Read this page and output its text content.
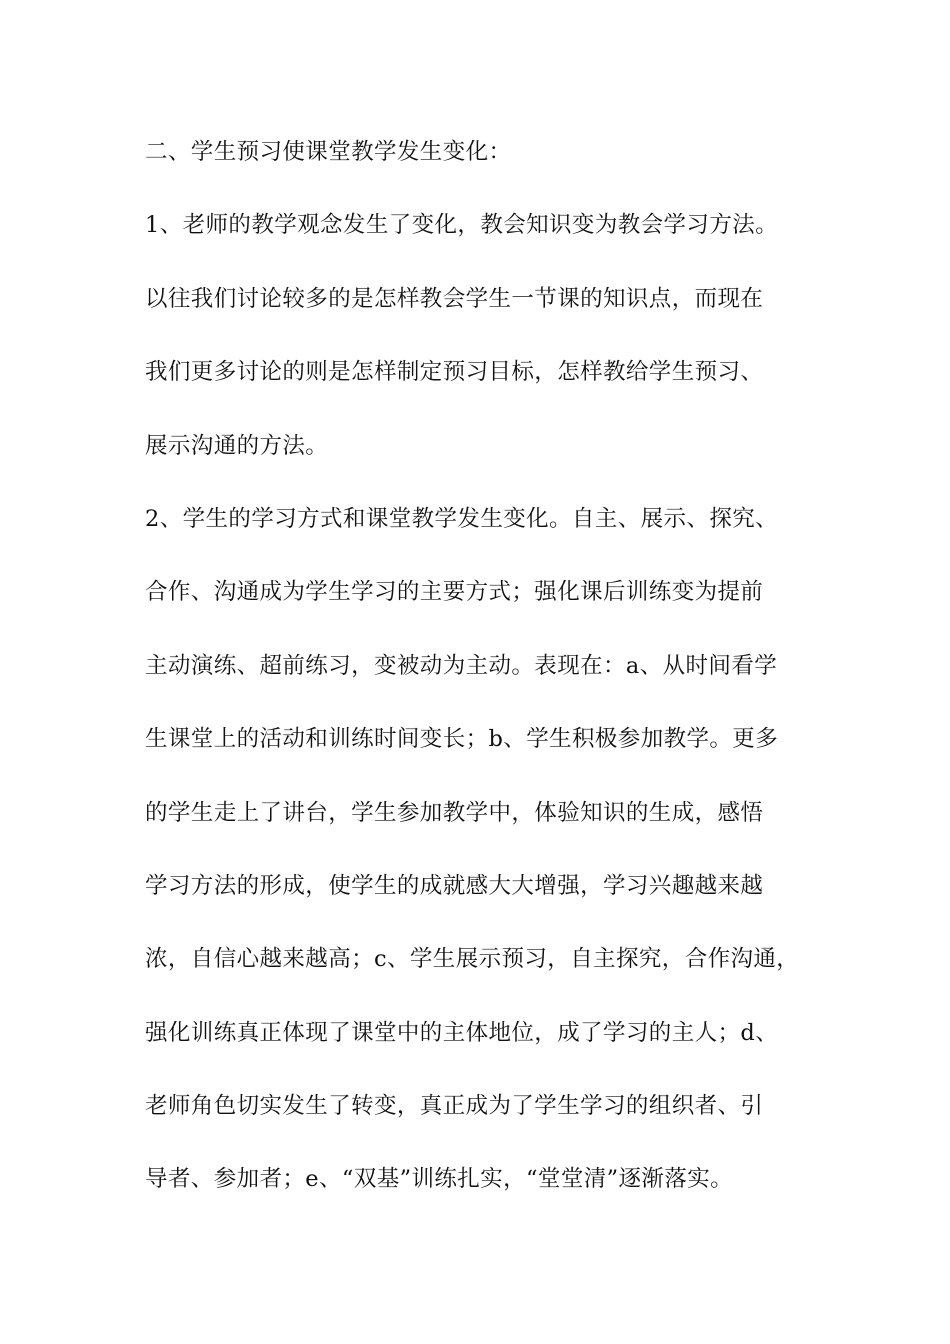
二、学生预习使课堂教学发生变化：
1、老师的教学观念发生了变化，教会知识变为教会学习方法。
以往我们讨论较多的是怎样教会学生一节课的知识点，而现在
我们更多讨论的则是怎样制定预习目标，怎样教给学生预习、
展示沟通的方法。
2、学生的学习方式和课堂教学发生变化。自主、展示、探究、
合作、沟通成为学生学习的主要方式；强化课后训练变为提前
主动演练、超前练习，变被动为主动。表现在：a、从时间看学
生课堂上的活动和训练时间变长；b、学生积极参加教学。更多
的学生走上了讲台，学生参加教学中，体验知识的生成，感悟
学习方法的形成，使学生的成就感大大增强，学习兴趣越来越
浓，自信心越来越高；c、学生展示预习，自主探究，合作沟通，
强化训练真正体现了课堂中的主体地位，成了学习的主人；d、
老师角色切实发生了转变，真正成为了学生学习的组织者、引
导者、参加者；e、“双基”训练扎实，“堂堂清”逐渐落实。
